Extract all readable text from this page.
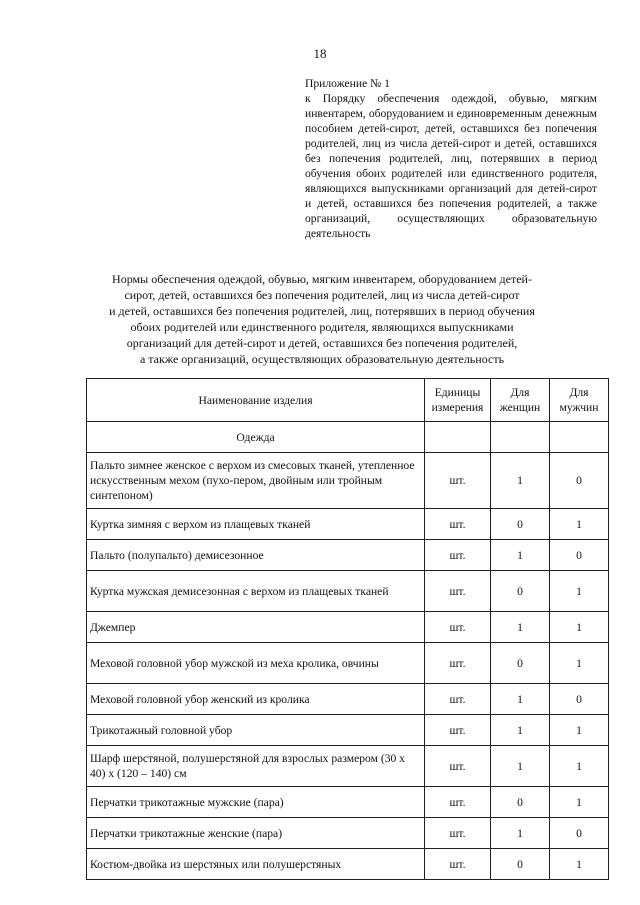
18
Приложение № 1
к Порядку обеспечения одеждой, обувью, мягким инвентарем, оборудованием и единовременным денежным пособием детей-сирот, детей, оставшихся без попечения родителей, лиц из числа детей-сирот и детей, оставшихся без попечения родителей, лиц, потерявших в период обучения обоих родителей или единственного родителя, являющихся выпускниками организаций для детей-сирот и детей, оставшихся без попечения родителей, а также организаций, осуществляющих образовательную деятельность
Нормы обеспечения одеждой, обувью, мягким инвентарем, оборудованием детей-
сирот, детей, оставшихся без попечения родителей, лиц из числа детей-сирот
и детей, оставшихся без попечения родителей, лиц, потерявших в период обучения
обоих родителей или единственного родителя, являющихся выпускниками
организаций для детей-сирот и детей, оставшихся без попечения родителей,
а также организаций, осуществляющих образовательную деятельность
Наименование изделия	Единицы измерения	Для женщин	Для мужчин
Одежда			
Пальто зимнее женское с верхом из смесовых тканей, утепленное искусственным мехом (пухо-пером, двойным или тройным синтепоном)	шт.	1	0
Куртка зимняя с верхом из плащевых тканей	шт.	0	1
Пальто (полупальто) демисезонное	шт.	1	0
Куртка мужская демисезонная с верхом из плащевых тканей	шт.	0	1
Джемпер	шт.	1	1
Меховой головной убор мужской из меха кролика, овчины	шт.	0	1
Меховой головной убор женский из кролика	шт.	1	0
Трикотажный головной убор	шт.	1	1
Шарф шерстяной, полушерстяной для взрослых размером (30 х 40) х (120 – 140) см	шт.	1	1
Перчатки трикотажные мужские (пара)	шт.	0	1
Перчатки трикотажные женские (пара)	шт.	1	0
Костюм-двойка из шерстяных или полушерстяных	шт.	0	1
